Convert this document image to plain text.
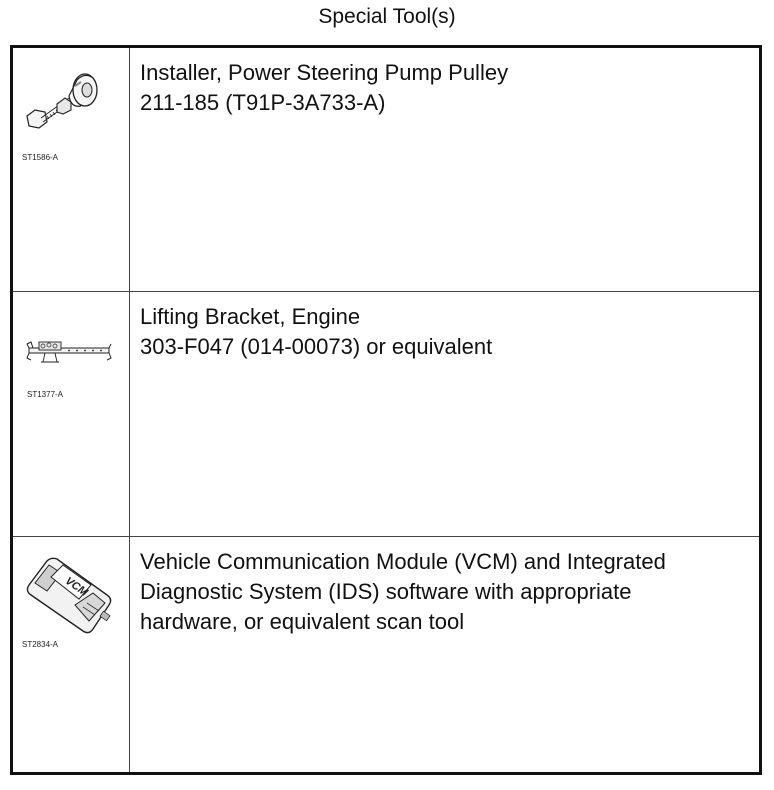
Special Tool(s)
ST1586-A
Installer, Power Steering Pump Pulley
211-185 (T91P-3A733-A)
ST1377-A
Lifting Bracket, Engine
303-F047 (014-00073) or equivalent
VCM
ST2834-A
Vehicle Communication Module (VCM) and Integrated
Diagnostic System (IDS) software with appropriate
hardware, or equivalent scan tool
